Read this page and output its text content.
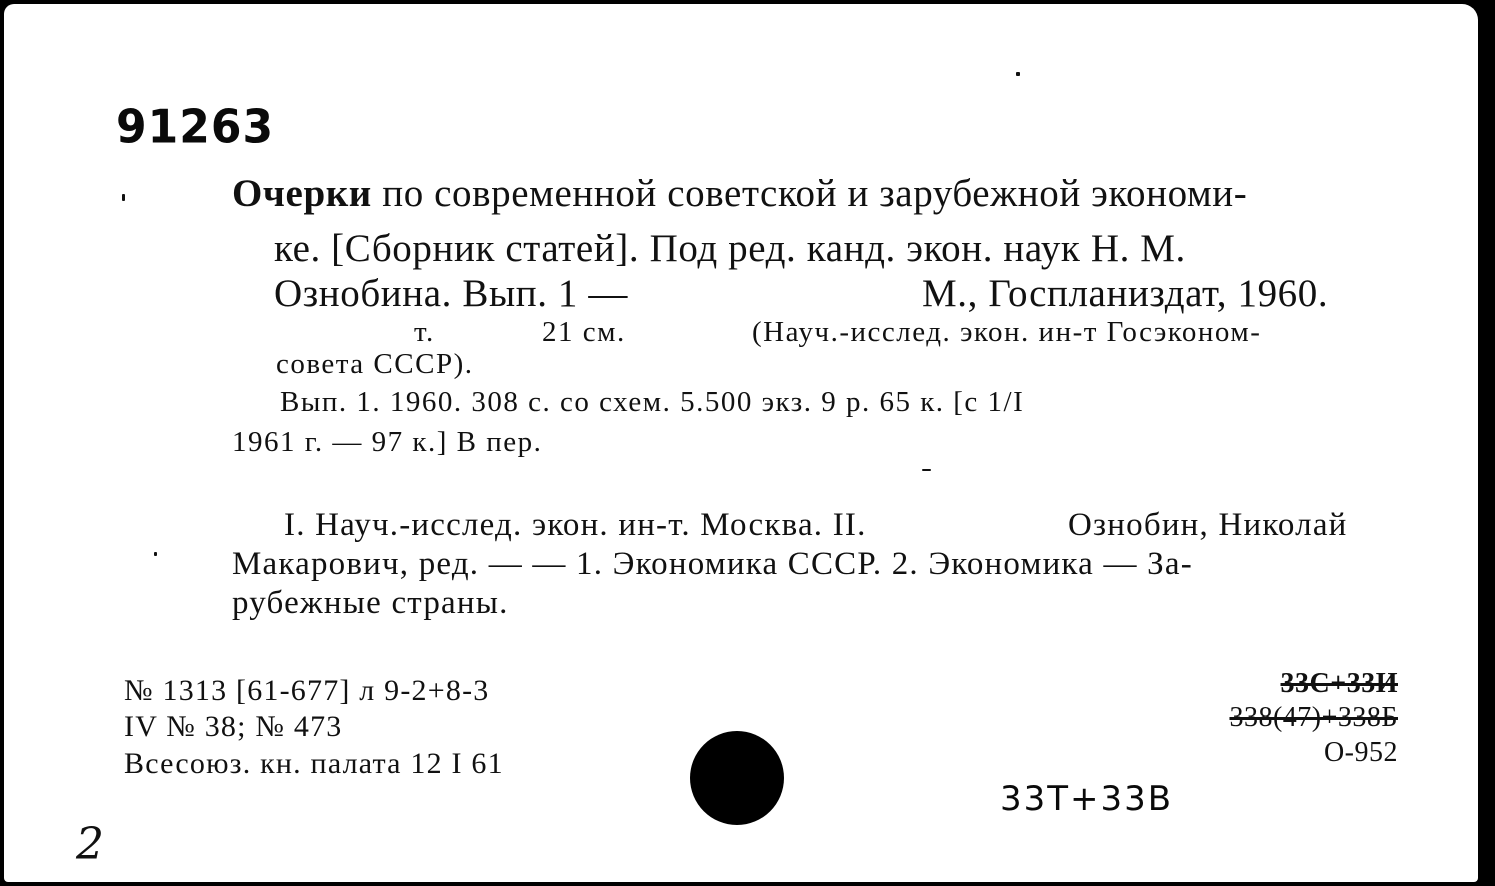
91263
Очерки по современной советской и зарубежной экономи-
ке. [Сборник статей]. Под ред. канд. экон. наук Н. М.
Ознобина. Вып. 1 —	М., Госпланиздат, 1960.
т.	21 см.	(Науч.-исслед. экон. ин-т Госэконом-
совета СССР).
Вып. 1. 1960. 308 с. со схем. 5.500 экз. 9 р. 65 к. [с 1/I
1961 г. — 97 к.] В пер.
I. Науч.-исслед. экон. ин-т. Москва. II.	Ознобин, Николай
Макарович, ред. — — 1. Экономика СССР. 2. Экономика — За-
рубежные страны.
№ 1313 [61-677] л 9-2+8-3
IV № 38; № 473
Всесоюз. кн. палата 12 I 61
33С+33И
338(47)+338Б
О-952
33Т+33В
2
